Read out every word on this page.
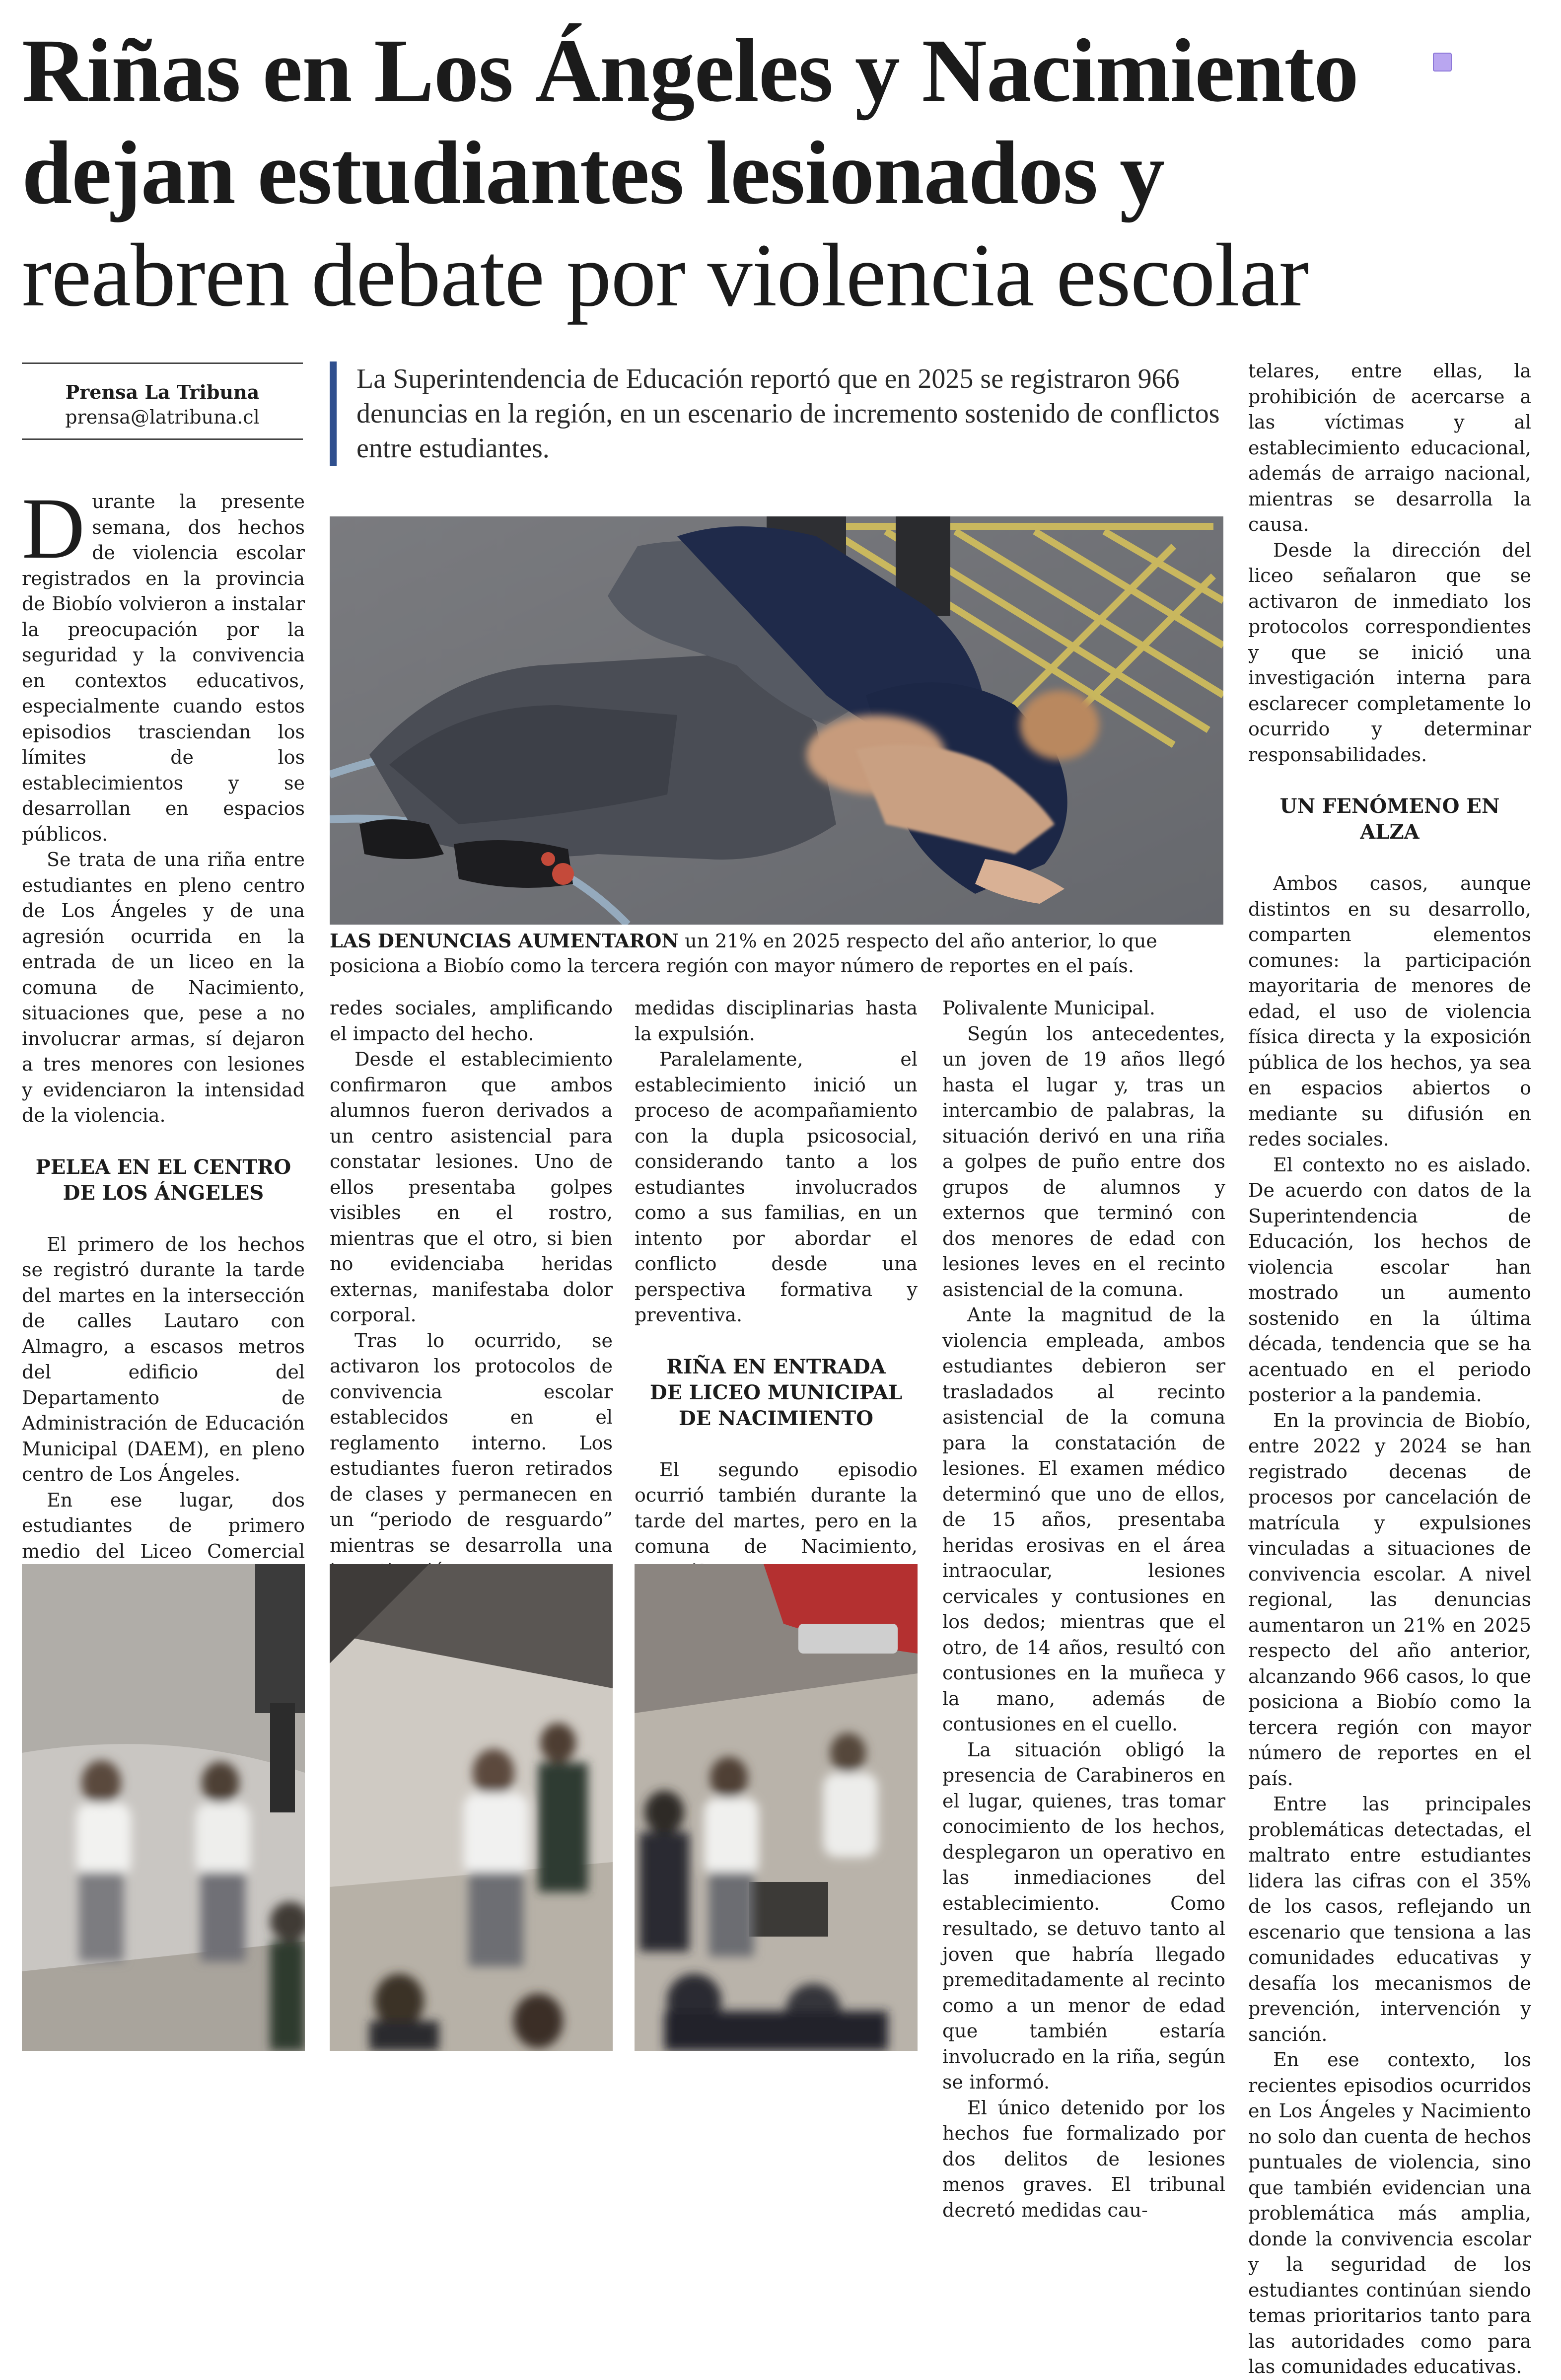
Riñas en Los Ángeles y Nacimiento
dejan estudiantes lesionados y
reabren debate por violencia escolar
Prensa La Tribuna
prensa@latribuna.cl
La Superintendencia de Educación reportó que en 2025 se registraron 966 denuncias en la región, en un escenario de incremento sostenido de conflictos entre estudiantes.
LAS DENUNCIAS AUMENTARON un 21% en 2025 respecto del año anterior, lo que posiciona a Biobío como la tercera región con mayor número de reportes en el país.

Durante la presente semana, dos hechos de violencia escolar registrados en la provincia de Biobío volvieron a instalar la preocupación por la seguridad y la convivencia en contextos educativos, especialmente cuando estos episodios trasciendan los límites de los establecimientos y se desarrollan en espacios públicos.

Se trata de una riña entre estudiantes en pleno centro de Los Ángeles y de una agresión ocurrida en la entrada de un liceo en la comuna de Nacimiento, situaciones que, pese a no involucrar armas, sí dejaron a tres menores con lesiones y evidenciaron la intensidad de la violencia.

PELEA EN EL CENTRO
DE LOS ÁNGELES

El primero de los hechos se registró durante la tarde del martes en la intersección de calles Lautaro con Almagro, a escasos metros del edificio del Departamento de Administración de Educación Municipal (DAEM), en pleno centro de Los Ángeles.

En ese lugar, dos estudiantes de primero medio del Liceo Comercial

redes sociales, amplificando el impacto del hecho.

Desde el establecimiento confirmaron que ambos alumnos fueron derivados a un centro asistencial para constatar lesiones. Uno de ellos presentaba golpes visibles en el rostro, mientras que el otro, si bien no evidenciaba heridas externas, manifestaba dolor corporal.

Tras lo ocurrido, se activaron los protocolos de convivencia escolar establecidos en el reglamento interno. Los estudiantes fueron retirados de clases y permanecen en un “periodo de resguardo” mientras se desarrolla una

medidas disciplinarias hasta la expulsión.

Paralelamente, el establecimiento inició un proceso de acompañamiento con la dupla psicosocial, considerando tanto a los estudiantes involucrados como a sus familias, en un intento por abordar el conflicto desde una perspectiva formativa y preventiva.

RIÑA EN ENTRADA
DE LICEO MUNICIPAL
DE NACIMIENTO

El segundo episodio ocurrió también durante la tarde del martes, pero en la comuna de Nacimiento,

Polivalente Municipal.

Según los antecedentes, un joven de 19 años llegó hasta el lugar y, tras un intercambio de palabras, la situación derivó en una riña a golpes de puño entre dos grupos de alumnos y externos que terminó con dos menores de edad con lesiones leves en el recinto asistencial de la comuna.

Ante la magnitud de la violencia empleada, ambos estudiantes debieron ser trasladados al recinto asistencial de la comuna para la constatación de lesiones. El examen médico determinó que uno de ellos, de 15 años, presentaba heridas erosivas en el área intraocular, lesiones cervicales y contusiones en los dedos; mientras que el otro, de 14 años, resultó con contusiones en la muñeca y la mano, además de contusiones en el cuello.

La situación obligó la presencia de Carabineros en el lugar, quienes, tras tomar conocimiento de los hechos, desplegaron un operativo en las inmediaciones del establecimiento. Como resultado, se detuvo tanto al joven que habría llegado premeditadamente al recinto como a un menor de edad que también estaría involucrado en la riña, según se informó.

El único detenido por los hechos fue formalizado por dos delitos de lesiones menos graves. El tribunal decretó medidas cau-

telares, entre ellas, la prohibición de acercarse a las víctimas y al establecimiento educacional, además de arraigo nacional, mientras se desarrolla la causa.

Desde la dirección del liceo señalaron que se activaron de inmediato los protocolos correspondientes y que se inició una investigación interna para esclarecer completamente lo ocurrido y determinar responsabilidades.

UN FENÓMENO EN ALZA

Ambos casos, aunque distintos en su desarrollo, comparten elementos comunes: la participación mayoritaria de menores de edad, el uso de violencia física directa y la exposición pública de los hechos, ya sea en espacios abiertos o mediante su difusión en redes sociales.

El contexto no es aislado. De acuerdo con datos de la Superintendencia de Educación, los hechos de violencia escolar han mostrado un aumento sostenido en la última década, tendencia que se ha acentuado en el periodo posterior a la pandemia.

En la provincia de Biobío, entre 2022 y 2024 se han registrado decenas de procesos por cancelación de matrícula y expulsiones vinculadas a situaciones de convivencia escolar. A nivel regional, las denuncias aumentaron un 21% en 2025 respecto del año anterior, alcanzando 966 casos, lo que posiciona a Biobío como la tercera región con mayor número de reportes en el país.

Entre las principales problemáticas detectadas, el maltrato entre estudiantes lidera las cifras con el 35% de los casos, reflejando un escenario que tensiona a las comunidades educativas y desafía los mecanismos de prevención, intervención y sanción.

En ese contexto, los recientes episodios ocurridos en Los Ángeles y Nacimiento no solo dan cuenta de hechos puntuales de violencia, sino que también evidencian una problemática más amplia, donde la convivencia escolar y la seguridad de los estudiantes continúan siendo temas prioritarios tanto para las autoridades como para las comunidades educativas.
